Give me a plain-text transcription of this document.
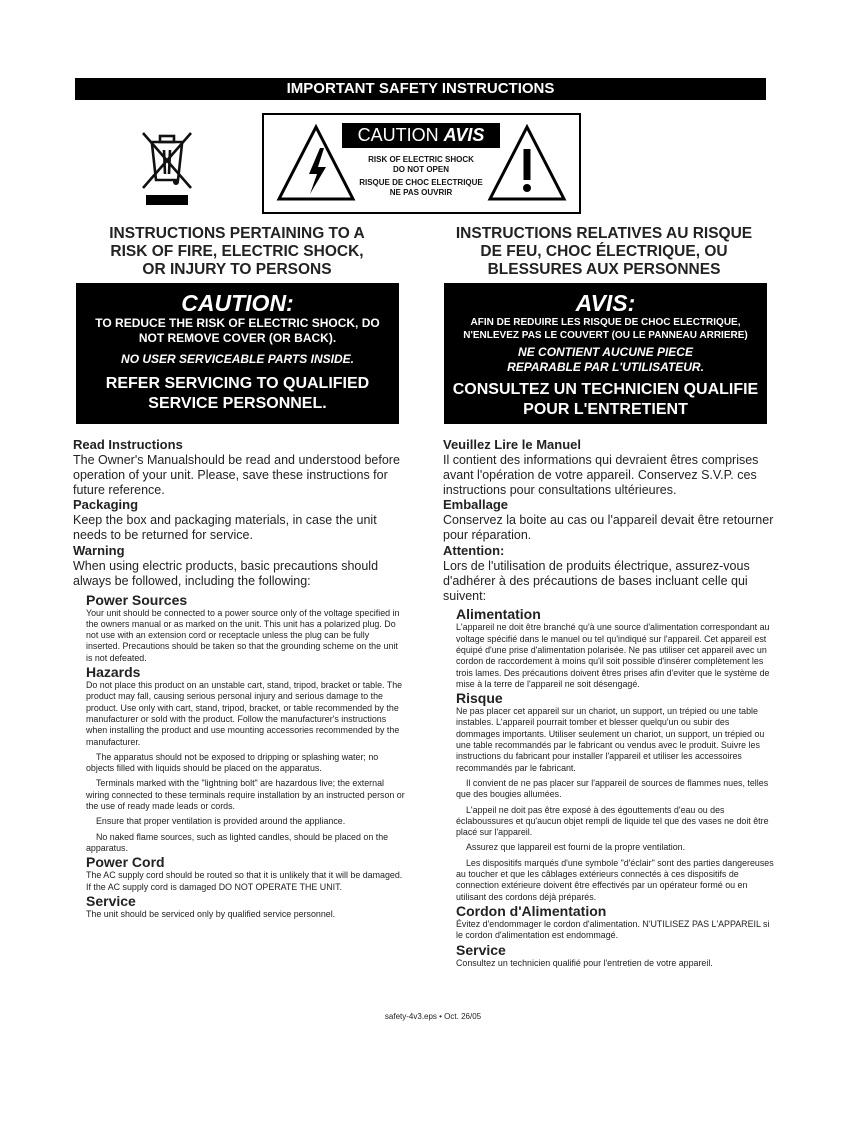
IMPORTANT SAFETY INSTRUCTIONS
CAUTION AVIS
RISK OF ELECTRIC SHOCK
DO NOT OPEN
RISQUE DE CHOC ELECTRIQUE
NE PAS OUVRIR
INSTRUCTIONS PERTAINING TO A
RISK OF FIRE, ELECTRIC SHOCK,
OR INJURY TO PERSONS
INSTRUCTIONS RELATIVES AU RISQUE
DE FEU, CHOC ÉLECTRIQUE, OU
BLESSURES AUX PERSONNES
CAUTION:
TO REDUCE THE RISK OF ELECTRIC SHOCK, DO
NOT REMOVE COVER (OR BACK).
NO USER SERVICEABLE PARTS INSIDE.
REFER SERVICING TO QUALIFIED
SERVICE PERSONNEL.
AVIS:
AFIN DE REDUIRE LES RISQUE DE CHOC ELECTRIQUE,
N'ENLEVEZ PAS LE COUVERT (OU LE PANNEAU ARRIERE)
NE CONTIENT AUCUNE PIECE
REPARABLE PAR L'UTILISATEUR.
CONSULTEZ UN TECHNICIEN QUALIFIE
POUR L'ENTRETIENT
Read Instructions
The Owner's Manualshould be read and understood before operation of your unit. Please, save these instructions for future reference.
Packaging
Keep the box and packaging materials, in case the unit needs to be returned for service.
Warning
When using electric products, basic precautions should always be followed, including the following:
Power Sources
Your unit should be connected to a power source only of the voltage specified in the owners manual or as marked on the unit. This unit has a polarized plug. Do not use with an extension cord or receptacle unless the plug can be fully inserted. Precautions should be taken so that the grounding scheme on the unit is not defeated.
Hazards
Do not place this product on an unstable cart, stand, tripod, bracket or table. The product may fall, causing serious personal injury and serious damage to the product. Use only with cart, stand, tripod, bracket, or table recommended by the manufacturer or sold with the product. Follow the manufacturer's instructions when installing the product and use mounting accessories recommended by the manufacturer.
The apparatus should not be exposed to dripping or splashing water; no objects filled with liquids should be placed on the apparatus.
Terminals marked with the "lightning bolt" are hazardous live; the external wiring connected to these terminals require installation by an instructed person or the use of ready made leads or cords.
Ensure that proper ventilation is provided around the appliance.
No naked flame sources, such as lighted candles, should be placed on the apparatus.
Power Cord
The AC supply cord should be routed so that it is unlikely that it will be damaged. If the AC supply cord is damaged DO NOT OPERATE THE UNIT.
Service
The unit should be serviced only by qualified service personnel.
Veuillez Lire le Manuel
Il contient des informations qui devraient êtres comprises avant l'opération de votre appareil. Conservez S.V.P. ces instructions pour consultations ultérieures.
Emballage
Conservez la boite au cas ou l'appareil devait être retourner pour réparation.
Attention:
Lors de l'utilisation de produits électrique, assurez-vous d'adhérer à des précautions de bases incluant celle qui suivent:
Alimentation
L'appareil ne doit être branché qu'à une source d'alimentation correspondant au voltage spécifié dans le manuel ou tel qu'indiqué sur l'appareil. Cet appareil est équipé d'une prise d'alimentation polarisée. Ne pas utiliser cet appareil avec un cordon de raccordement à moins qu'il soit possible d'insérer complètement les trois lames. Des précautions doivent êtres prises afin d'eviter que le système de mise à la terre de l'appareil ne soit désengagé.
Risque
Ne pas placer cet appareil sur un chariot, un support, un trépied ou une table instables. L'appareil pourrait tomber et blesser quelqu'un ou subir des dommages importants. Utiliser seulement un chariot, un support, un trépied ou une table recommandés par le fabricant ou vendus avec le produit. Suivre les instructions du fabricant pour installer l'appareil et utiliser les accessoires recommandés par le fabricant.
Il convient de ne pas placer sur l'appareil de sources de flammes nues, telles que des bougies allumées.
L'appeil ne doit pas être exposé à des égouttements d'eau ou des éclaboussures et qu'aucun objet rempli de liquide tel que des vases ne doit être placé sur l'appareil.
Assurez que lappareil est fourni de la propre ventilation.
Les dispositifs marqués d'une symbole "d'éclair" sont des parties dangereuses au toucher et que les câblages extérieurs connectés à ces dispositifs de connection extérieure doivent être effectivés par un opérateur formé ou en utilisant des cordons déjà préparés.
Cordon d'Alimentation
Évitez d'endommager le cordon d'alimentation. N'UTILISEZ PAS L'APPAREIL si le cordon d'alimentation est endommagé.
Service
Consultez un technicien qualifié pour l'entretien de votre appareil.
safety-4v3.eps • Oct. 26/05
